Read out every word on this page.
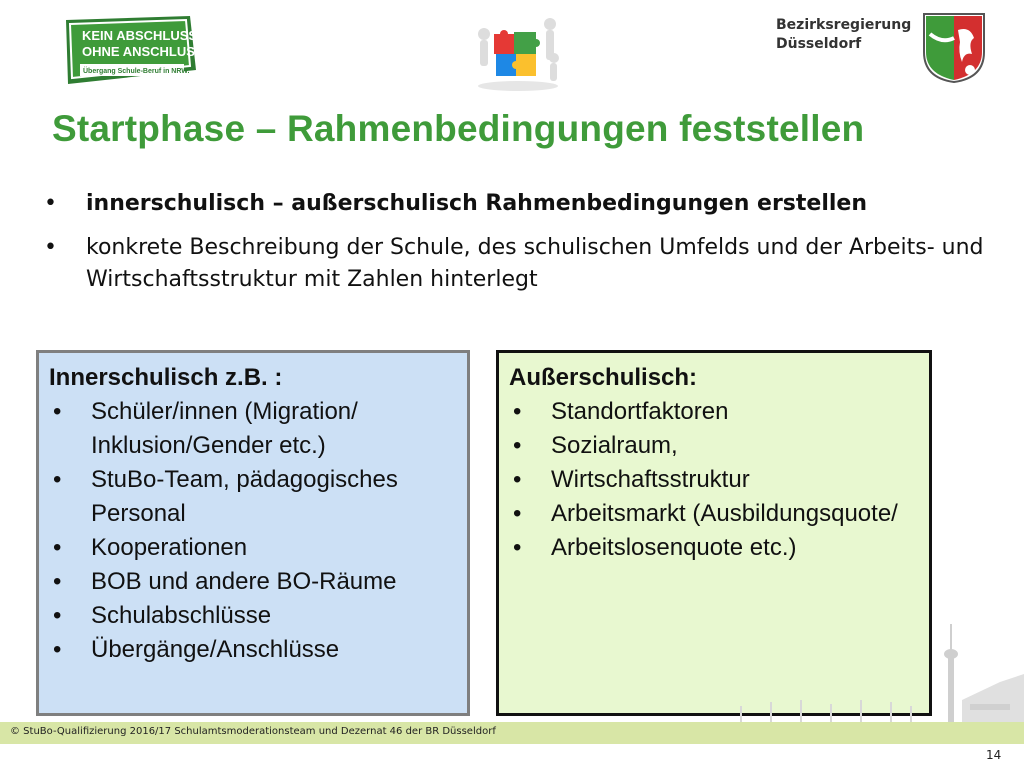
KEIN ABSCHLUSS
OHNE ANSCHLUSS
Übergang Schule-Beruf in NRW.
Bezirksregierung
Düsseldorf
Startphase – Rahmenbedingungen feststellen
•	innerschulisch – außerschulisch Rahmenbedingungen erstellen
•	konkrete Beschreibung der Schule, des schulischen Umfelds und der Arbeits- und Wirtschaftsstruktur mit Zahlen hinterlegt
Innerschulisch z.B. :
•	Schüler/innen (Migration/ Inklusion/Gender etc.)
•	StuBo-Team, pädagogisches Personal
•	Kooperationen
•	BOB und andere BO-Räume
•	Schulabschlüsse
•	Übergänge/Anschlüsse
Außerschulisch:
•	Standortfaktoren
•	Sozialraum,
•	Wirtschaftsstruktur
•	Arbeitsmarkt (Ausbildungsquote/
•	Arbeitslosenquote etc.)
© StuBo-Qualifizierung 2016/17 Schulamtsmoderationsteam und Dezernat 46 der BR Düsseldorf
14
